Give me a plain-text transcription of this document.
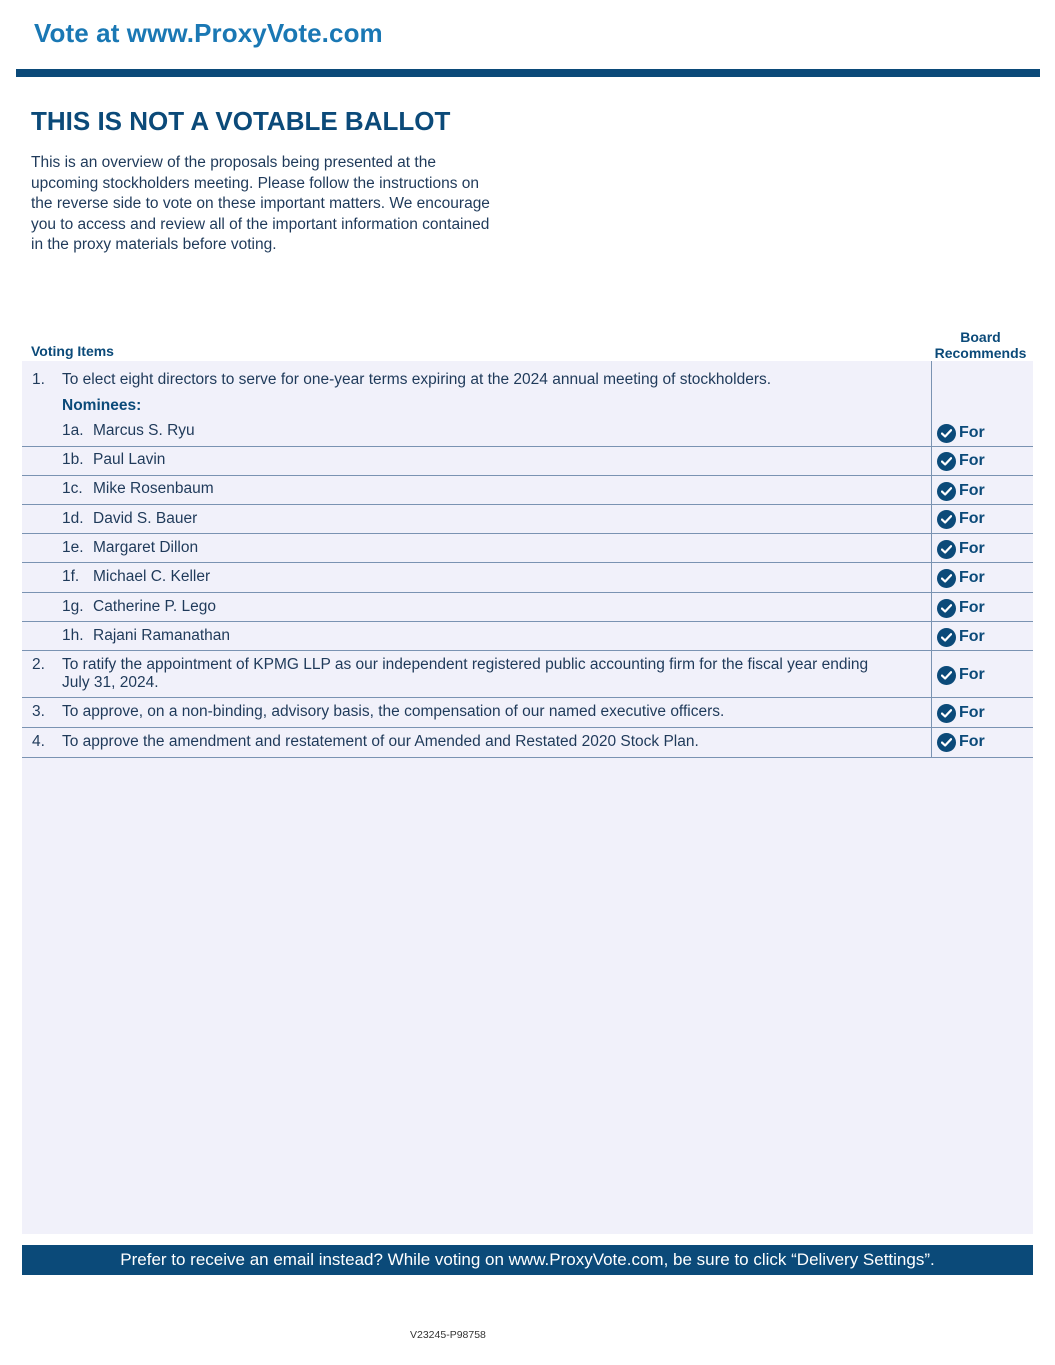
Vote at www.ProxyVote.com
THIS IS NOT A VOTABLE BALLOT

This is an overview of the proposals being presented at the upcoming stockholders meeting. Please follow the instructions on the reverse side to vote on these important matters. We encourage you to access and review all of the important information contained in the proxy materials before voting.

Voting Items
Board
Recommends
1. To elect eight directors to serve for one-year terms expiring at the 2024 annual meeting of stockholders.
Nominees:
1a. Marcus S. Ryu	For
1b. Paul Lavin	For
1c. Mike Rosenbaum	For
1d. David S. Bauer	For
1e. Margaret Dillon	For
1f. Michael C. Keller	For
1g. Catherine P. Lego	For
1h. Rajani Ramanathan	For
2. To ratify the appointment of KPMG LLP as our independent registered public accounting firm for the fiscal year ending
July 31, 2024.	For
3. To approve, on a non-binding, advisory basis, the compensation of our named executive officers.	For
4. To approve the amendment and restatement of our Amended and Restated 2020 Stock Plan.	For
Prefer to receive an email instead? While voting on www.ProxyVote.com, be sure to click “Delivery Settings”.
V23245-P98758
